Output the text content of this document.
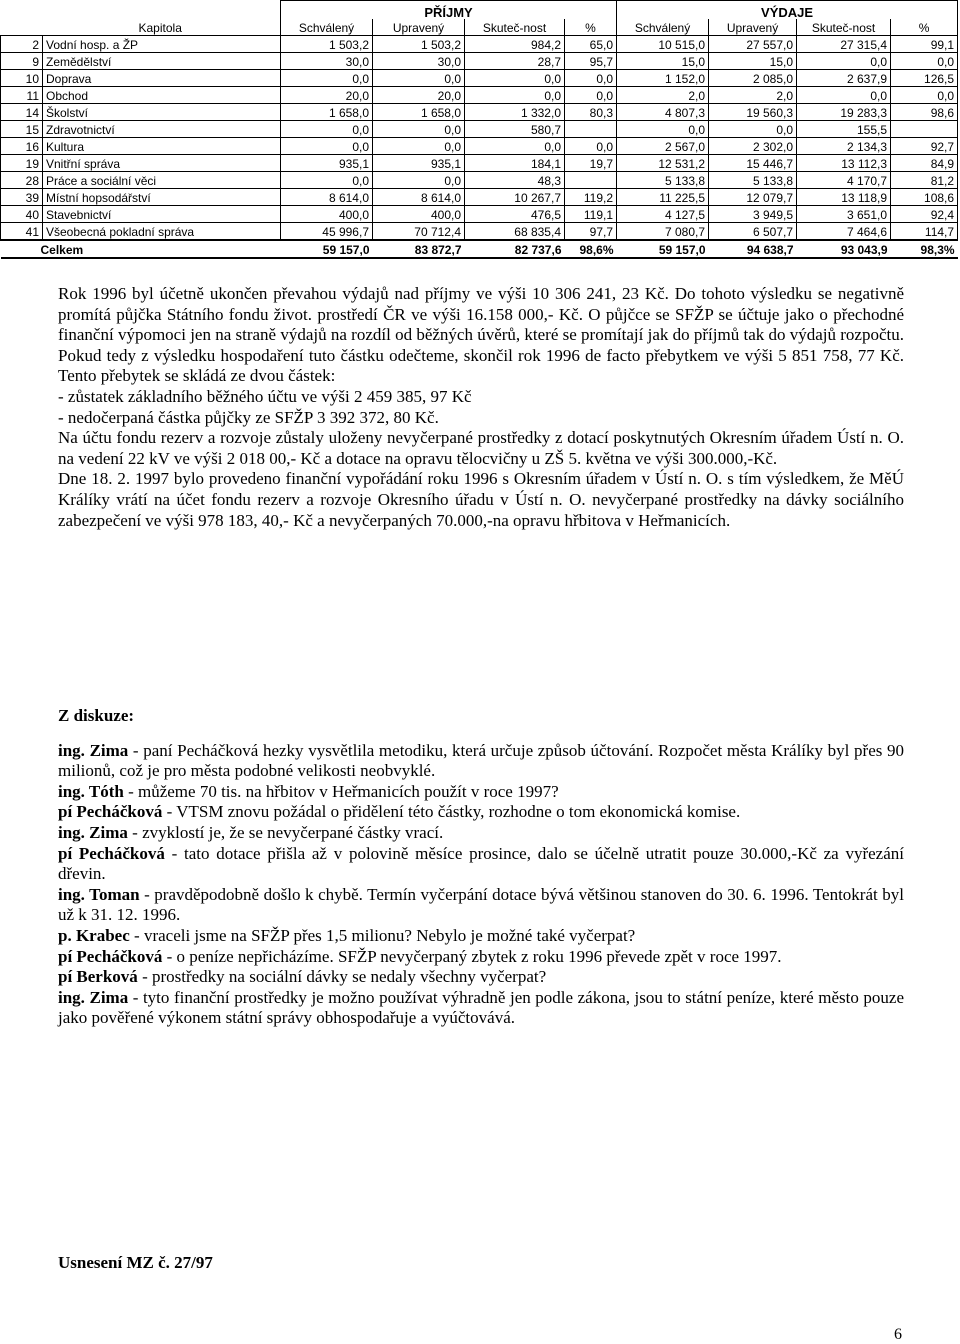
		PŘÍJMY				VÝDAJE			
Kapitola		Schválený	Upravený	Skuteč-nost	%	Schválený	Upravený	Skuteč-nost	%
2	Vodní hosp. a ŽP	1 503,2	1 503,2	984,2	65,0	10 515,0	27 557,0	27 315,4	99,1
9	Zemědělství	30,0	30,0	28,7	95,7	15,0	15,0	0,0	0,0
10	Doprava	0,0	0,0	0,0	0,0	1 152,0	2 085,0	2 637,9	126,5
11	Obchod	20,0	20,0	0,0	0,0	2,0	2,0	0,0	0,0
14	Školství	1 658,0	1 658,0	1 332,0	80,3	4 807,3	19 560,3	19 283,3	98,6
15	Zdravotnictví	0,0	0,0	580,7		0,0	0,0	155,5	
16	Kultura	0,0	0,0	0,0	0,0	2 567,0	2 302,0	2 134,3	92,7
19	Vnitřní správa	935,1	935,1	184,1	19,7	12 531,2	15 446,7	13 112,3	84,9
28	Práce a sociální věci	0,0	0,0	48,3		5 133,8	5 133,8	4 170,7	81,2
39	Místní hopsodářství	8 614,0	8 614,0	10 267,7	119,2	11 225,5	12 079,7	13 118,9	108,6
40	Stavebnictví	400,0	400,0	476,5	119,1	4 127,5	3 949,5	3 651,0	92,4
41	Všeobecná pokladní správa	45 996,7	70 712,4	68 835,4	97,7	7 080,7	6 507,7	7 464,6	114,7
Celkem		59 157,0	83 872,7	82 737,6	98,6%	59 157,0	94 638,7	93 043,9	98,3%

Rok 1996 byl účetně ukončen převahou výdajů nad příjmy ve výši 10 306 241, 23 Kč. Do tohoto výsledku se negativně promítá půjčka Státního fondu život. prostředí ČR ve výši 16.158 000,- Kč. O půjčce se SFŽP se účtuje jako o přechodné finanční výpomoci jen na straně výdajů na rozdíl od běžných úvěrů, které se promítají jak do příjmů tak do výdajů rozpočtu. Pokud tedy z výsledku hospodaření tuto částku odečteme, skončil rok 1996 de facto přebytkem ve výši 5 851 758, 77 Kč. Tento přebytek se skládá ze dvou částek:

- zůstatek základního běžného účtu ve výši 2 459 385, 97 Kč

- nedočerpaná částka půjčky ze SFŽP 3 392 372, 80 Kč.

Na účtu fondu rezerv a rozvoje zůstaly uloženy nevyčerpané prostředky z dotací poskytnutých Okresním úřadem Ústí n. O. na vedení 22 kV ve výši 2 018 00,- Kč a dotace na opravu tělocvičny u ZŠ 5. května ve výši 300.000,-Kč.

Dne 18. 2. 1997 bylo provedeno finanční vypořádání roku 1996 s Okresním úřadem v Ústí n. O. s tím výsledkem, že MěÚ Králíky vrátí na účet fondu rezerv a rozvoje Okresního úřadu v Ústí n. O. nevyčerpané prostředky na dávky sociálního zabezpečení ve výši 978 183, 40,- Kč a nevyčerpaných 70.000,-na opravu hřbitova v Heřmanicích.

Z diskuze:

ing. Zima - paní Pecháčková hezky vysvětlila metodiku, která určuje způsob účtování. Rozpočet města Králíky byl přes 90 milionů, což je pro města podobné velikosti neobvyklé.

ing. Tóth - můžeme 70 tis. na hřbitov v Heřmanicích použít v roce 1997?

pí Pecháčková - VTSM znovu požádal o přidělení této částky, rozhodne o tom ekonomická komise.

ing. Zima - zvyklostí je, že se nevyčerpané částky vrací.

pí Pecháčková - tato dotace přišla až v polovině měsíce prosince, dalo se účelně utratit pouze 30.000,-Kč za vyřezání dřevin.

ing. Toman - pravděpodobně došlo k chybě. Termín vyčerpání dotace bývá většinou stanoven do 30. 6. 1996. Tentokrát byl už k 31. 12. 1996.

p. Krabec - vraceli jsme na SFŽP přes 1,5 milionu? Nebylo je možné také vyčerpat?

pí Pecháčková - o peníze nepřicházíme. SFŽP nevyčerpaný zbytek z roku 1996 převede zpět v roce 1997.

pí Berková - prostředky na sociální dávky se nedaly všechny vyčerpat?

ing. Zima - tyto finanční prostředky je možno používat výhradně jen podle zákona, jsou to státní peníze, které město pouze jako pověřené výkonem státní správy obhospodařuje a vyúčtovává.

Usnesení MZ č. 27/97
6
